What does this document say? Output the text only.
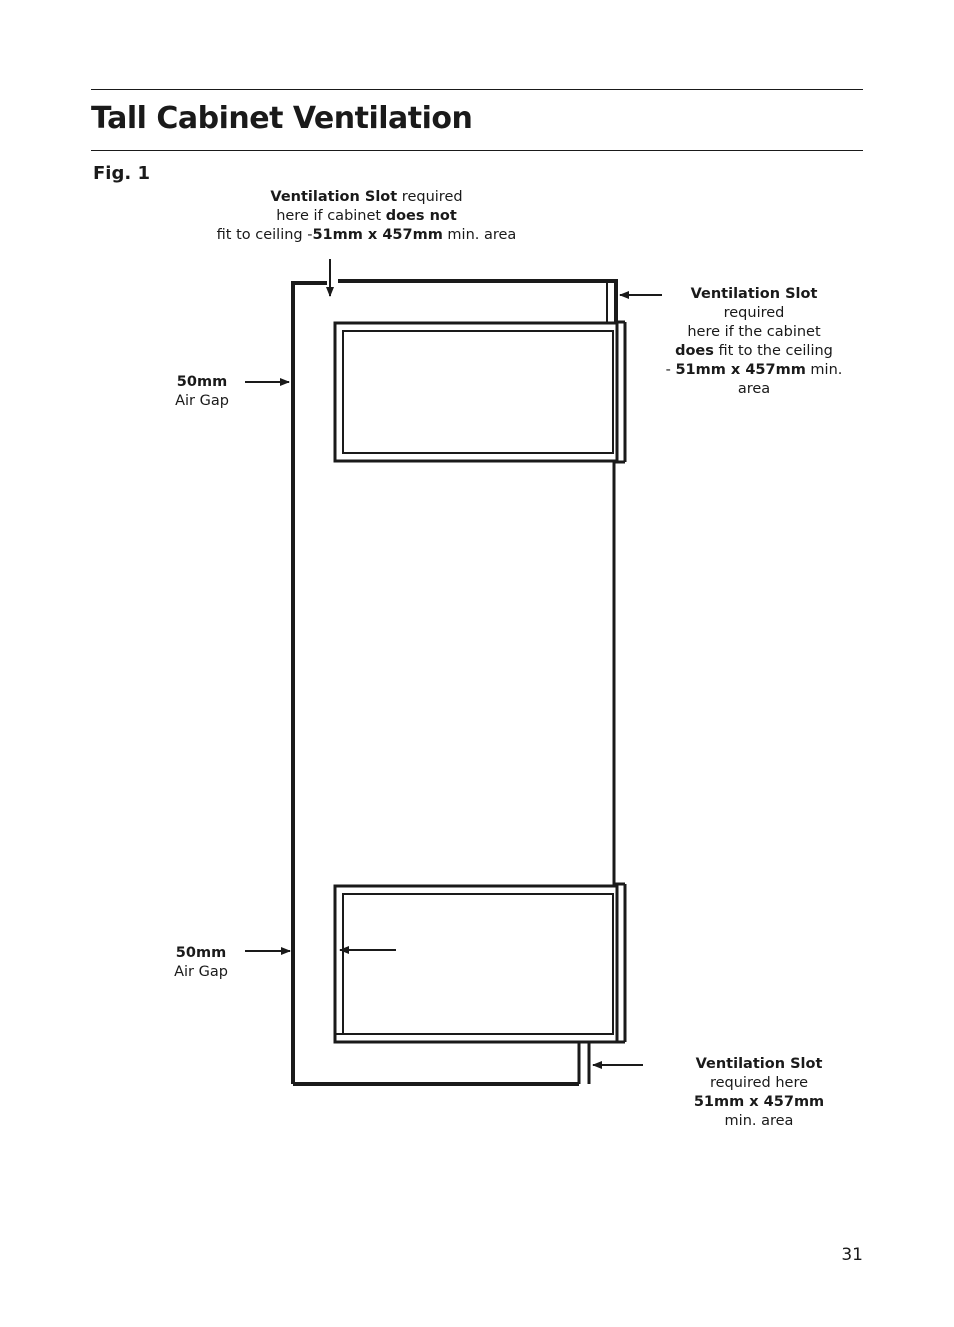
Tall Cabinet Ventilation
Fig. 1
Ventilation Slot required
here if cabinet does not
fit to ceiling -51mm x 457mm min. area
Ventilation Slot
required
here if the cabinet
does fit to the ceiling
- 51mm x 457mm min.
area
Ventilation Slot
required here
51mm x 457mm
min. area
50mm
Air Gap
50mm
Air Gap
31
